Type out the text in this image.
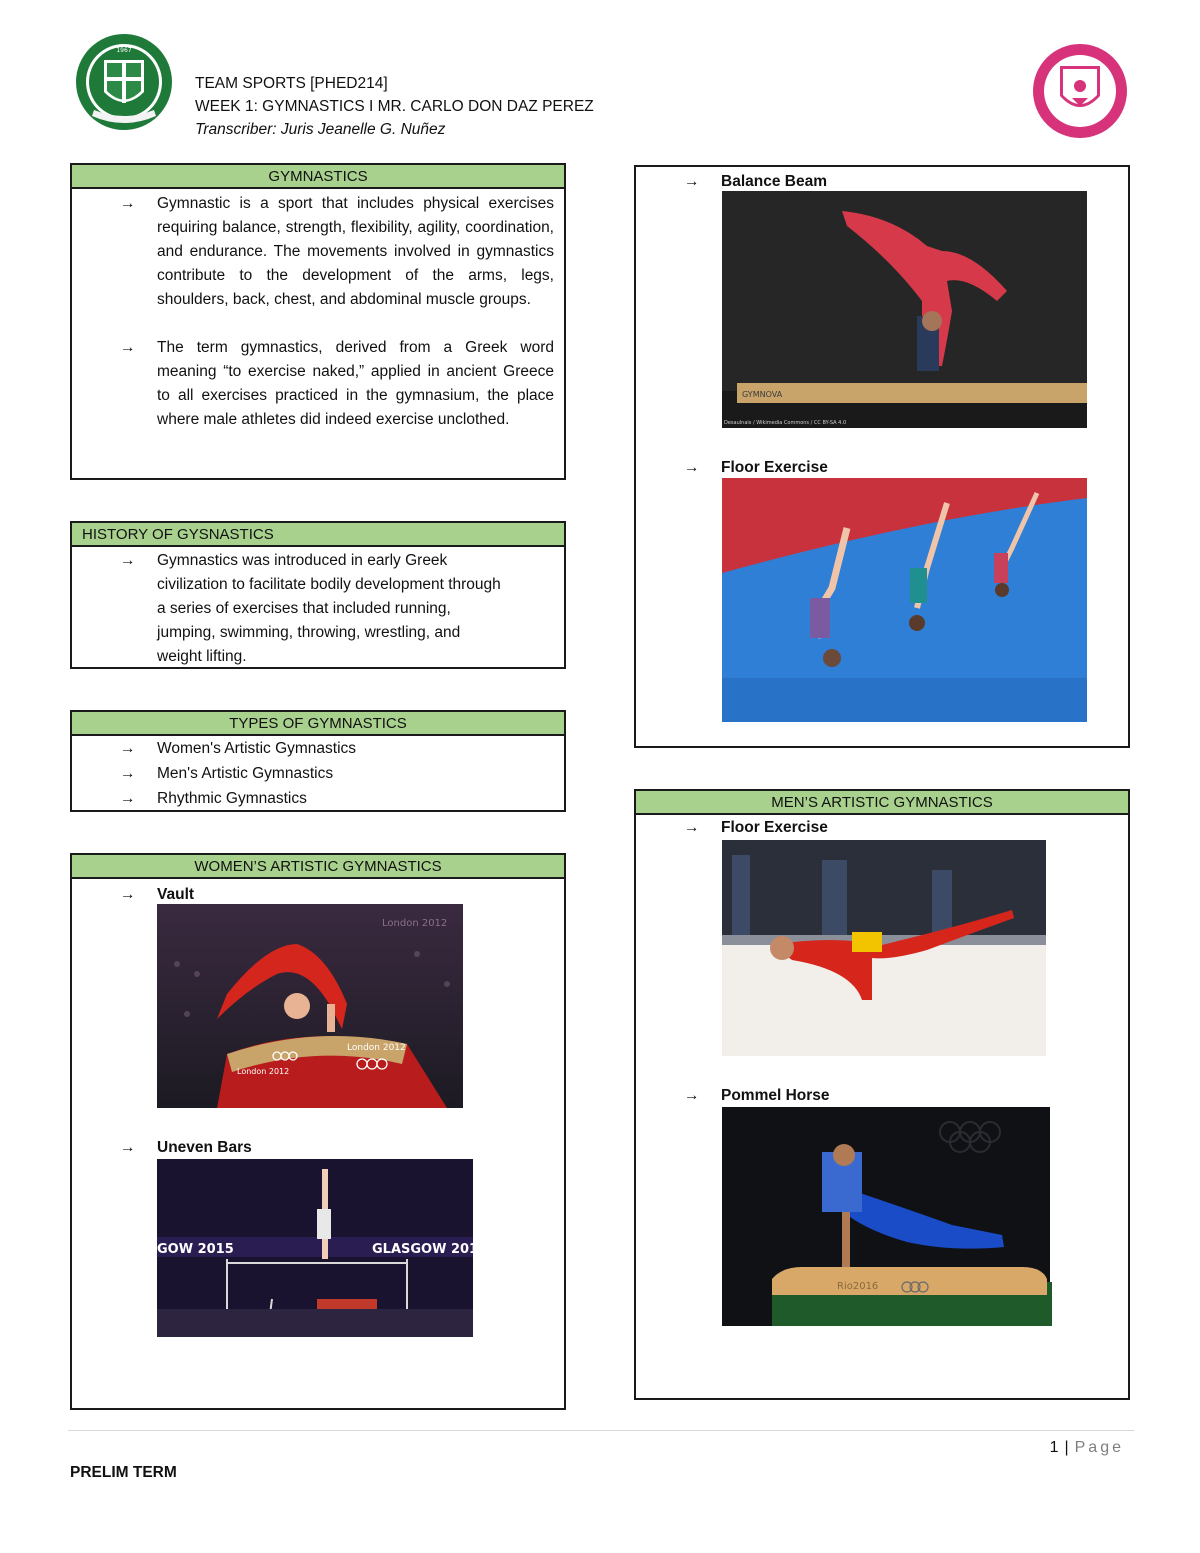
1967
TEAM SPORTS [PHED214]
WEEK 1: GYMNASTICS I MR. CARLO DON DAZ PEREZ
Transcriber: Juris Jeanelle G. Nuñez
GYMNASTICS
→	Gymnastic is a sport that includes physical exercises requiring balance, strength, flexibility, agility, coordination, and endurance. The movements involved in gymnastics contribute to the development of the arms, legs, shoulders, back, chest, and abdominal muscle groups.
→	The term gymnastics, derived from a Greek word meaning “to exercise naked,” applied in ancient Greece to all exercises practiced in the gymnasium, the place where male athletes did indeed exercise unclothed.
HISTORY OF GYSNASTICS
→	Gymnastics was introduced in early Greek civilization to facilitate bodily development through a series of exercises that included running, jumping, swimming, throwing, wrestling, and weight lifting.
TYPES OF GYMNASTICS
→	Women's Artistic Gymnastics
→	Men's Artistic Gymnastics
→	Rhythmic Gymnastics
WOMEN’S ARTISTIC GYMNASTICS
→	Vault
→	Uneven Bars
London 2012
London 2012
London 2012
GOW 2015	GLASGOW 2015
→	Balance Beam
→	Floor Exercise
GYMNOVA
Desaulnais / Wikimedia Commons / CC BY-SA 4.0
MEN’S ARTISTIC GYMNASTICS
→	Floor Exercise
→	Pommel Horse
Rio2016
1 | Page
PRELIM TERM
